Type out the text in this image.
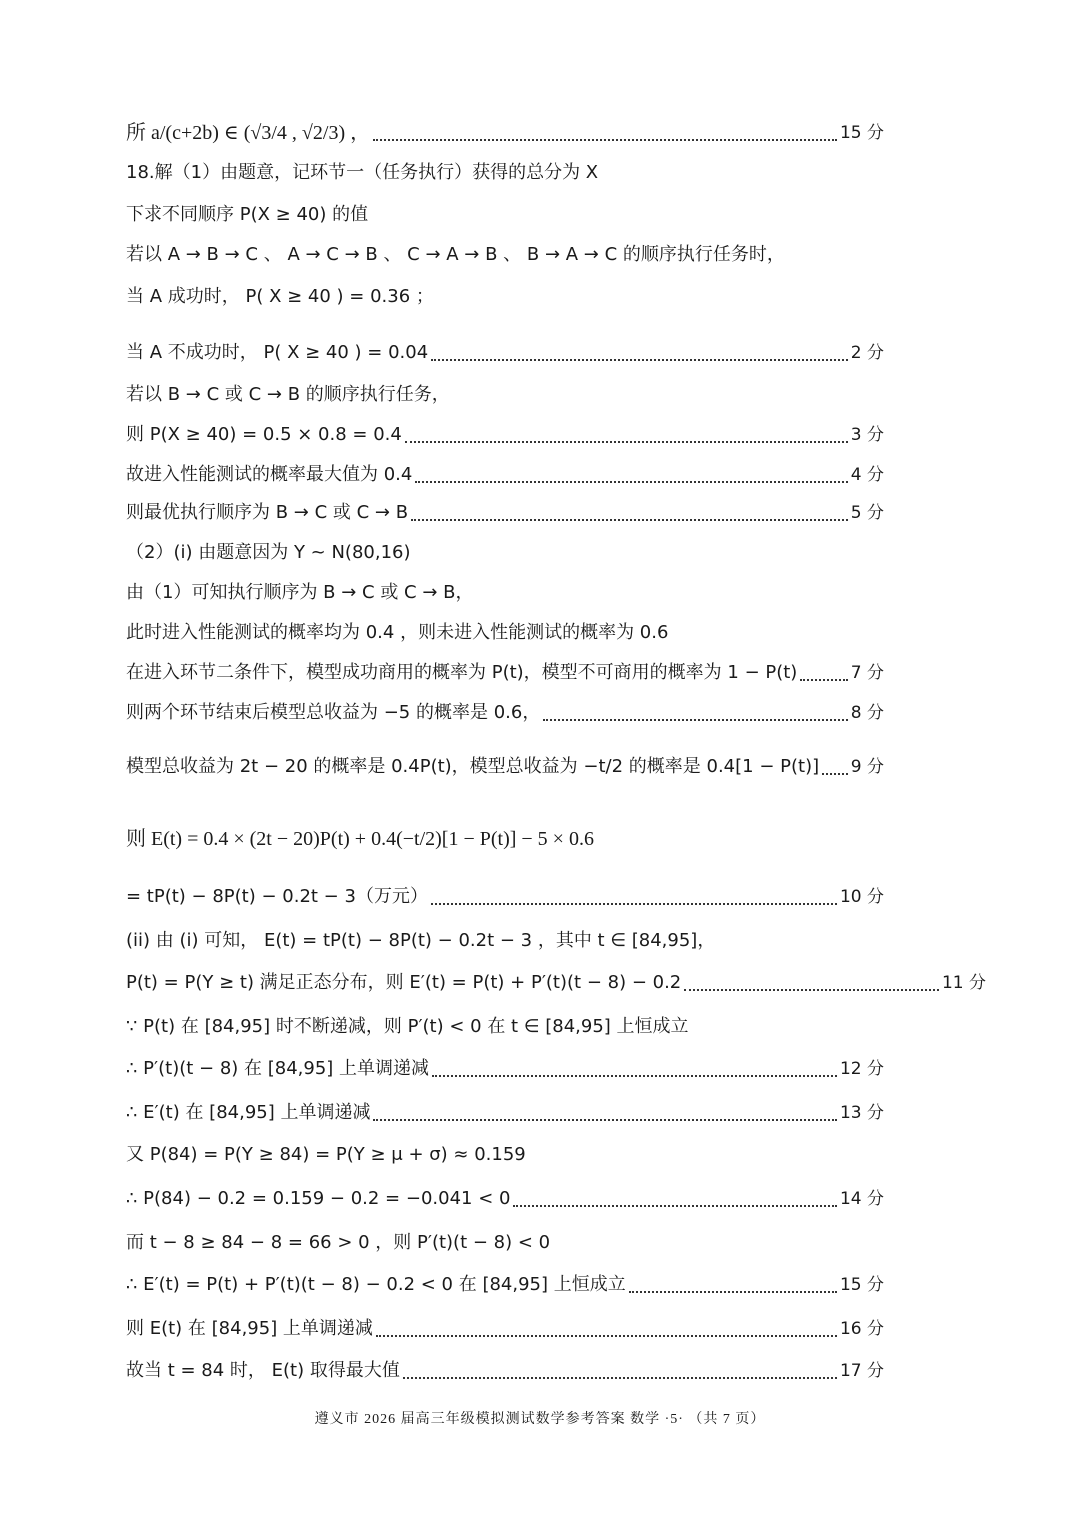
所 a/(c+2b) ∈ (√3/4 , √2/3) ，	15 分
18.解（1）由题意，记环节一（任务执行）获得的总分为 X
下求不同顺序 P(X ≥ 40) 的值
若以 A → B → C 、 A → C → B 、 C → A → B 、 B → A → C 的顺序执行任务时，
当 A 成功时， P( X ≥ 40 ) = 0.36 ；
当 A 不成功时， P( X ≥ 40 ) = 0.04	2 分
若以 B → C 或 C → B 的顺序执行任务，
则 P(X ≥ 40) = 0.5 × 0.8 = 0.4	3 分
故进入性能测试的概率最大值为 0.4	4 分
则最优执行顺序为 B → C 或 C → B	5 分
（2）(i) 由题意因为 Y ~ N(80,16)
由（1）可知执行顺序为 B → C 或 C → B，
此时进入性能测试的概率均为 0.4 ，则未进入性能测试的概率为 0.6
在进入环节二条件下，模型成功商用的概率为 P(t)，模型不可商用的概率为 1 − P(t)	7 分
则两个环节结束后模型总收益为 −5 的概率是 0.6，	8 分
模型总收益为 2t − 20 的概率是 0.4P(t)，模型总收益为 −t/2 的概率是 0.4[1 − P(t)] 9 分
则 E(t) = 0.4 × (2t − 20)P(t) + 0.4(−t/2)[1 − P(t)] − 5 × 0.6
= tP(t) − 8P(t) − 0.2t − 3（万元）	10 分
(ii) 由 (i) 可知， E(t) = tP(t) − 8P(t) − 0.2t − 3 ，其中 t ∈ [84,95]，
P(t) = P(Y ≥ t) 满足正态分布，则 E′(t) = P(t) + P′(t)(t − 8) − 0.2	11 分
∵ P(t) 在 [84,95] 时不断递减，则 P′(t) < 0 在 t ∈ [84,95] 上恒成立
∴ P′(t)(t − 8) 在 [84,95] 上单调递减	12 分
∴ E′(t) 在 [84,95] 上单调递减	13 分
又 P(84) = P(Y ≥ 84) = P(Y ≥ μ + σ) ≈ 0.159
∴ P(84) − 0.2 = 0.159 − 0.2 = −0.041 < 0	14 分
而 t − 8 ≥ 84 − 8 = 66 > 0 ，则 P′(t)(t − 8) < 0
∴ E′(t) = P(t) + P′(t)(t − 8) − 0.2 < 0 在 [84,95] 上恒成立	15 分
则 E(t) 在 [84,95] 上单调递减	16 分
故当 t = 84 时， E(t) 取得最大值	17 分
遵义市 2026 届高三年级模拟测试数学参考答案 数学 ·5· （共 7 页）
